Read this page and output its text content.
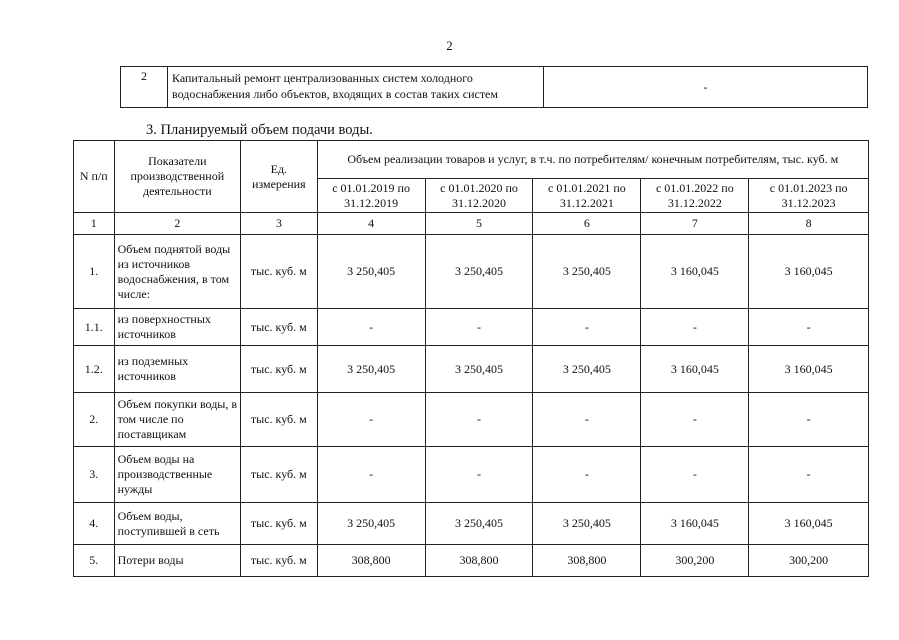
2
2	Капитальный ремонт централизованных систем холодного водоснабжения либо объектов, входящих в состав таких систем	-
3. Планируемый объем подачи воды.
N п/п	Показатели производственной деятельности	Ед. измерения	Объем реализации товаров и услуг, в т.ч. по потребителям/ конечным потребителям, тыс. куб. м				
			с 01.01.2019 по 31.12.2019	с 01.01.2020 по 31.12.2020	с 01.01.2021 по 31.12.2021	с 01.01.2022 по 31.12.2022	с 01.01.2023 по 31.12.2023
1	2	3	4	5	6	7	8
1.	Объем поднятой воды из источников водоснабжения, в том числе:	тыс. куб. м	3 250,405	3 250,405	3 250,405	3 160,045	3 160,045
1.1.	из поверхностных источников	тыс. куб. м	-	-	-	-	-
1.2.	из подземных источников	тыс. куб. м	3 250,405	3 250,405	3 250,405	3 160,045	3 160,045
2.	Объем покупки воды, в том числе по поставщикам	тыс. куб. м	-	-	-	-	-
3.	Объем воды на производственные нужды	тыс. куб. м	-	-	-	-	-
4.	Объем воды, поступившей в сеть	тыс. куб. м	3 250,405	3 250,405	3 250,405	3 160,045	3 160,045
5.	Потери воды	тыс. куб. м	308,800	308,800	308,800	300,200	300,200
